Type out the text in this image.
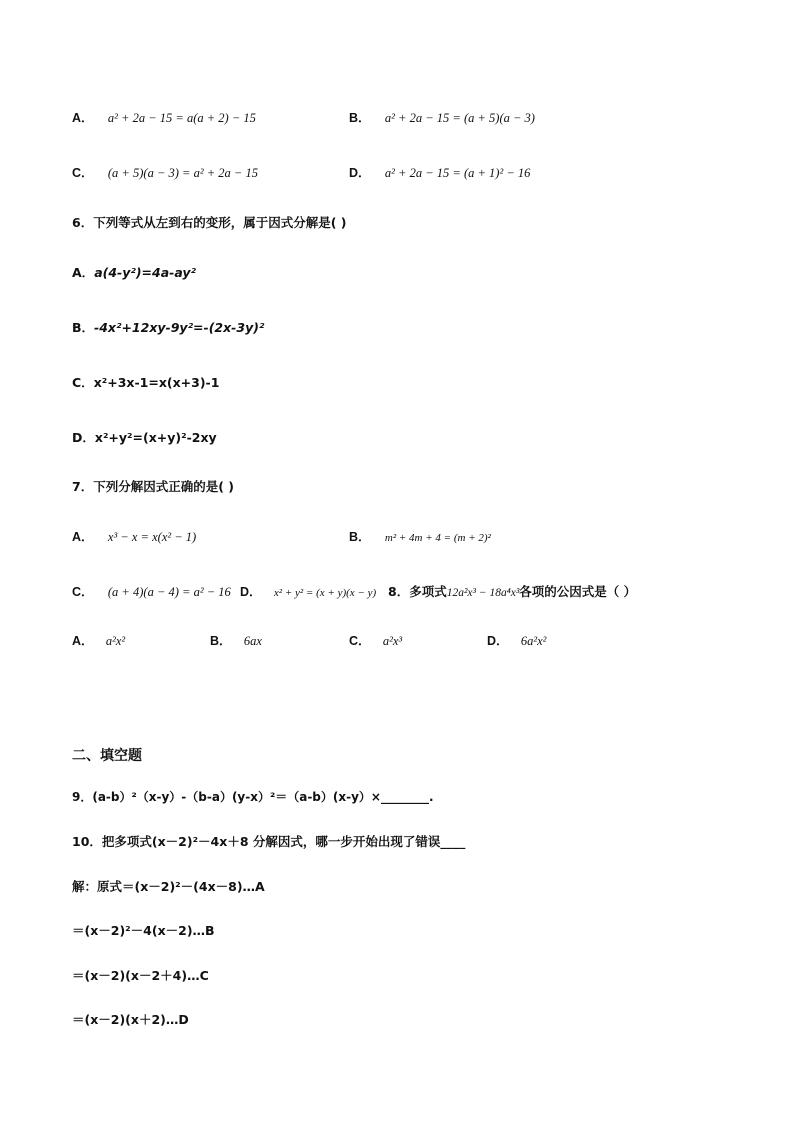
A． a² + 2a − 15 = a(a + 2) − 15	B． a² + 2a − 15 = (a + 5)(a − 3)
C． (a + 5)(a − 3) = a² + 2a − 15	D． a² + 2a − 15 = (a + 1)² − 16
6．下列等式从左到右的变形，属于因式分解是( )
A．a(4-y²)=4a-ay²
B．-4x²+12xy-9y²=-(2x-3y)²
C．x²+3x-1=x(x+3)-1
D．x²+y²=(x+y)²-2xy
7．下列分解因式正确的是( )
A． x³ − x = x(x² − 1)	B． m² + 4m + 4 = (m + 2)²
C． (a + 4)(a − 4) = a² − 16 D． x² + y² = (x + y)(x − y) 8．多项式12a²x³ − 18a⁴x³各项的公因式是（ ）
A． a²x²	B． 6ax	C． a²x³	D． 6a²x²
二、填空题
9．(a-b）²（x-y）-（b-a）(y-x）²＝（a-b）(x-y）×________.
10．把多项式(x－2)²－4x＋8 分解因式，哪一步开始出现了错误____
解：原式＝(x－2)²－(4x－8)…A
＝(x－2)²－4(x－2)…B
＝(x－2)(x－2＋4)…C
＝(x－2)(x＋2)…D
